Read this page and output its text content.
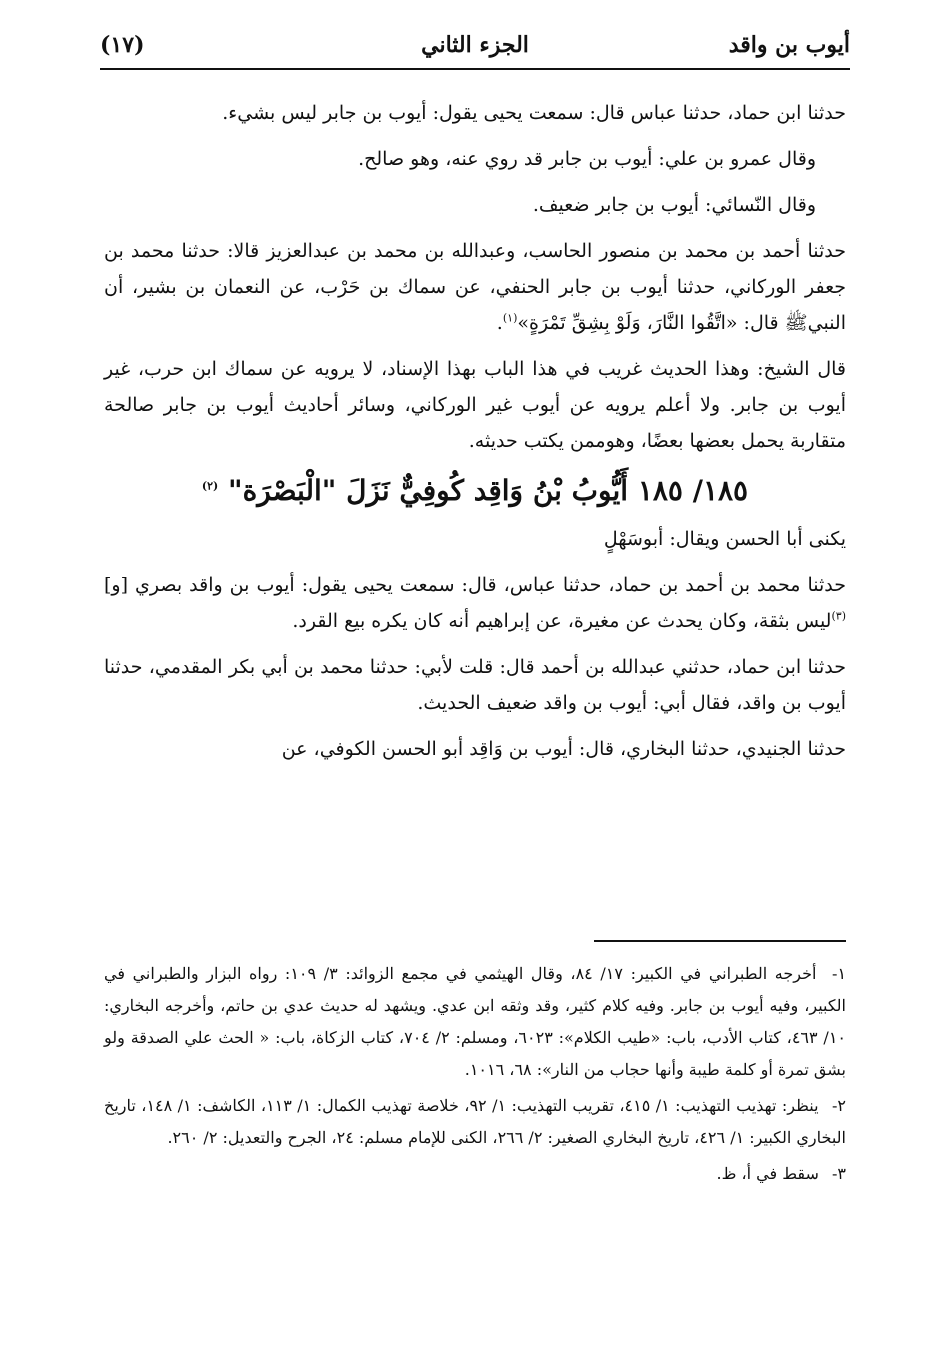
أيوب بن واقد
الجزء الثاني
(١٧)

حدثنا ابن حماد، حدثنا عباس قال: سمعت يحيى يقول: أيوب بن جابر ليس بشيء.

وقال عمرو بن علي: أيوب بن جابر قد روي عنه، وهو صالح.

وقال النّسائي: أيوب بن جابر ضعيف.

حدثنا أحمد بن محمد بن منصور الحاسب، وعبدالله بن محمد بن عبدالعزيز قالا: حدثنا محمد بن جعفر الوركاني، حدثنا أيوب بن جابر الحنفي، عن سماك بن حَرْب، عن النعمان بن بشير، أن النبيﷺ قال: «اتَّقُوا النَّارَ، وَلَوْ بِشِقِّ تَمْرَةٍ»$^{(١)}$.

قال الشيخ: وهذا الحديث غريب في هذا الباب بهذا الإسناد، لا يرويه عن سماك ابن حرب، غير أيوب بن جابر. ولا أعلم يرويه عن أيوب غير الوركاني، وسائر أحاديث أيوب بن جابر صالحة متقاربة يحمل بعضها بعضًا، وهوممن يكتب حديثه.

١٨٥/ ١٨٥ أَيُّوبُ بْنُ وَاقِد كُوفِيٌّ نَزَلَ "الْبَصْرَة" $^{(٢)}$

يكنى أبا الحسن ويقال: أبوسَهْلٍ

حدثنا محمد بن أحمد بن حماد، حدثنا عباس، قال: سمعت يحيى يقول: أيوب بن واقد بصري [و]$^{(٣)}$ليس بثقة، وكان يحدث عن مغيرة، عن إبراهيم أنه كان يكره بيع القرد.

حدثنا ابن حماد، حدثني عبدالله بن أحمد قال: قلت لأبي: حدثنا محمد بن أبي بكر المقدمي، حدثنا أيوب بن واقد، فقال أبي: أيوب بن واقد ضعيف الحديث.

حدثنا الجنيدي، حدثنا البخاري، قال: أيوب بن وَاقِد أبو الحسن الكوفي، عن

١- أخرجه الطبراني في الكبير: ١٧/ ٨٤، وقال الهيثمي في مجمع الزوائد: ٣/ ١٠٩: رواه البزار والطبراني في الكبير، وفيه أيوب بن جابر. وفيه كلام كثير، وقد وثقه ابن عدي. ويشهد له حديث عدي بن حاتم، وأخرجه البخاري: ١٠/ ٤٦٣، كتاب الأدب، باب: «طيب الكلام»: ٦٠٢٣، ومسلم: ٢/ ٧٠٤، كتاب الزكاة، باب: « الحث علي الصدقة ولو بشق تمرة أو كلمة طيبة وأنها حجاب من النار»: ٦٨، ١٠١٦.

٢- ينظر: تهذيب التهذيب: ١/ ٤١٥، تقريب التهذيب: ١/ ٩٢، خلاصة تهذيب الكمال: ١/ ١١٣، الكاشف: ١/ ١٤٨، تاريخ البخاري الكبير: ١/ ٤٢٦، تاريخ البخاري الصغير: ٢/ ٢٦٦، الكنى للإمام مسلم: ٢٤، الجرح والتعديل: ٢/ ٢٦٠.

٣- سقط في أ، ظ.
